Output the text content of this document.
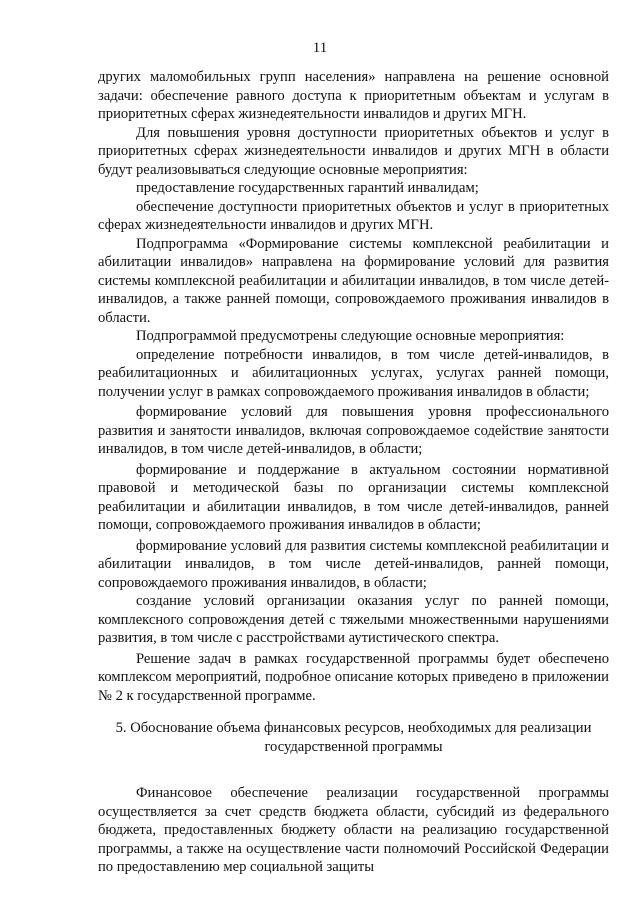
11

других маломобильных групп населения» направлена на решение основной задачи: обеспечение равного доступа к приоритетным объектам и услугам в приоритетных сферах жизнедеятельности инвалидов и других МГН.

Для повышения уровня доступности приоритетных объектов и услуг в приоритетных сферах жизнедеятельности инвалидов и других МГН в области будут реализовываться следующие основные мероприятия:

предоставление государственных гарантий инвалидам;

обеспечение доступности приоритетных объектов и услуг в приоритетных сферах жизнедеятельности инвалидов и других МГН.

Подпрограмма «Формирование системы комплексной реабилитации и абилитации инвалидов» направлена на формирование условий для развития системы комплексной реабилитации и абилитации инвалидов, в том числе детей-инвалидов, а также ранней помощи, сопровождаемого проживания инвалидов в области.

Подпрограммой предусмотрены следующие основные мероприятия:

определение потребности инвалидов, в том числе детей-инвалидов, в реабилитационных и абилитационных услугах, услугах ранней помощи, получении услуг в рамках сопровождаемого проживания инвалидов в области;

формирование условий для повышения уровня профессионального развития и занятости инвалидов, включая сопровождаемое содействие занятости инвалидов, в том числе детей-инвалидов, в области;

формирование и поддержание в актуальном состоянии нормативной правовой и методической базы по организации системы комплексной реабилитации и абилитации инвалидов, в том числе детей-инвалидов, ранней помощи, сопровождаемого проживания инвалидов в области;

формирование условий для развития системы комплексной реабилитации и абилитации инвалидов, в том числе детей-инвалидов, ранней помощи, сопровождаемого проживания инвалидов, в области;

создание условий организации оказания услуг по ранней помощи, комплексного сопровождения детей с тяжелыми множественными нарушениями развития, в том числе с расстройствами аутистического спектра.

Решение задач в рамках государственной программы будет обеспечено комплексом мероприятий, подробное описание которых приведено в приложении № 2 к государственной программе.

5. Обоснование объема финансовых ресурсов, необходимых для реализации государственной программы

Финансовое обеспечение реализации государственной программы осуществляется за счет средств бюджета области, субсидий из федерального бюджета, предоставленных бюджету области на реализацию государственной программы, а также на осуществление части полномочий Российской Федерации по предоставлению мер социальной защиты
